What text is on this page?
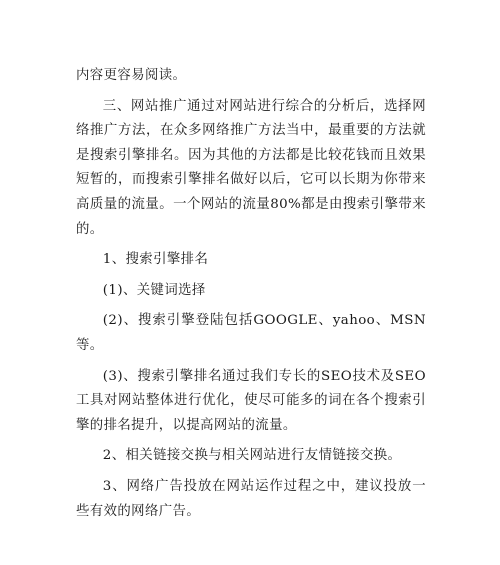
内容更容易阅读。

三、网站推广通过对网站进行综合的分析后，选择网络推广方法，在众多网络推广方法当中，最重要的方法就是搜索引擎排名。因为其他的方法都是比较花钱而且效果短暂的，而搜索引擎排名做好以后，它可以长期为你带来高质量的流量。一个网站的流量80%都是由搜索引擎带来的。

1、搜索引擎排名

(1)、关键词选择

(2)、搜索引擎登陆包括GOOGLE、yahoo、MSN等。

(3)、搜索引擎排名通过我们专长的SEO技术及SEO工具对网站整体进行优化，使尽可能多的词在各个搜索引擎的排名提升，以提高网站的流量。

2、相关链接交换与相关网站进行友情链接交换。

3、网络广告投放在网站运作过程之中，建议投放一些有效的网络广告。
